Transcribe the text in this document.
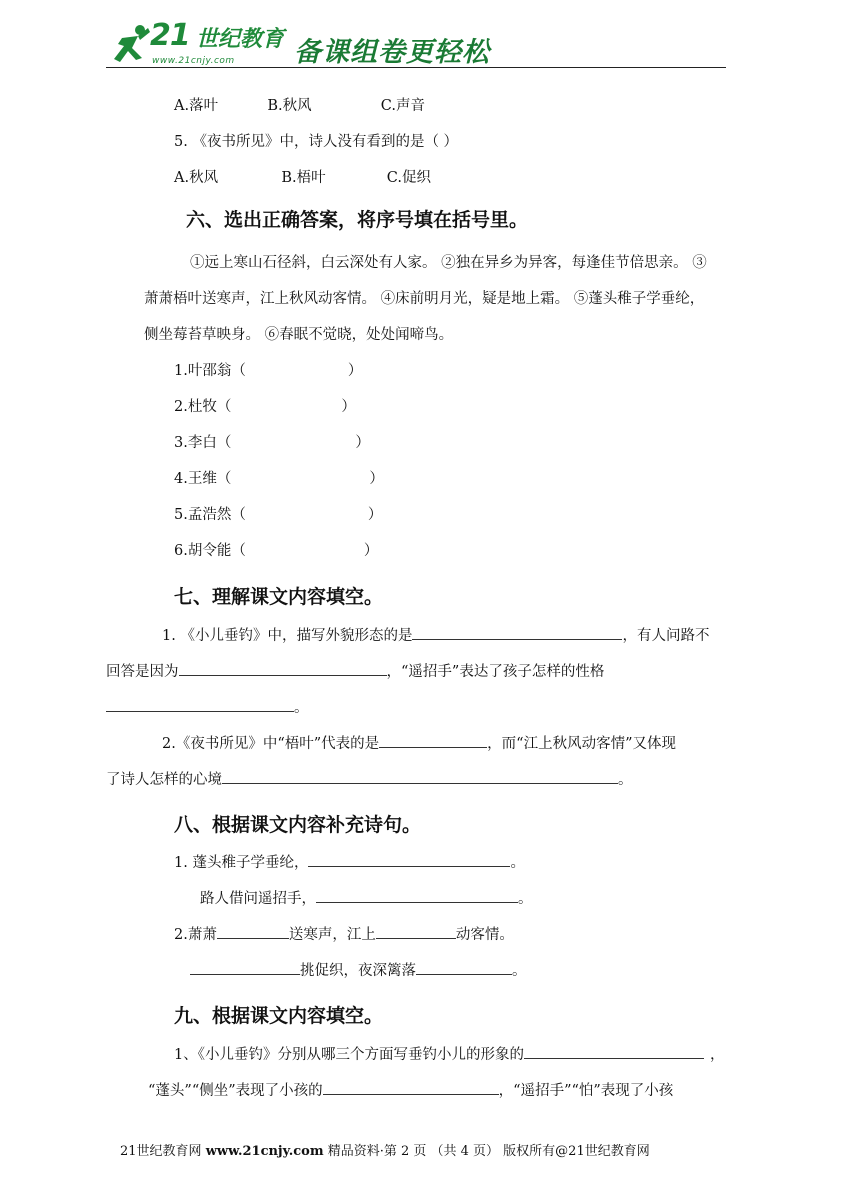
21 世纪教育
www.21cnjy.com 备课组卷更轻松
A.落叶	B.秋风	C.声音
5. 《夜书所见》中，诗人没有看到的是（ ）
A.秋风	B.梧叶	C.促织
六、选出正确答案，将序号填在括号里。
①远上寒山石径斜，白云深处有人家。 ②独在异乡为异客，每逢佳节倍思亲。 ③
萧萧梧叶送寒声，江上秋风动客情。 ④床前明月光，疑是地上霜。 ⑤蓬头稚子学垂纶，
侧坐莓苔草映身。 ⑥春眠不觉晓，处处闻啼鸟。
1.叶邵翁（	）
2.杜牧（	）
3.李白（	）
4.王维（	）
5.孟浩然（	）
6.胡令能（	）
七、理解课文内容填空。
1. 《小儿垂钓》中，描写外貌形态的是	，有人问路不
回答是因为	，“遥招手”表达了孩子怎样的性格
。
2.《夜书所见》中“梧叶”代表的是	，而“江上秋风动客情”又体现
了诗人怎样的心境	。
八、根据课文内容补充诗句。
1. 蓬头稚子学垂纶，	。
路人借问遥招手，	。
2.萧萧	送寒声，江上	动客情。
挑促织，夜深篱落	。
九、根据课文内容填空。
1、《小儿垂钓》分别从哪三个方面写垂钓小儿的形象的	，
“蓬头”“侧坐”表现了小孩的	，“遥招手”“怕”表现了小孩
21世纪教育网 www.21cnjy.com 精品资料·第 2 页 （共 4 页） 版权所有@21世纪教育网
